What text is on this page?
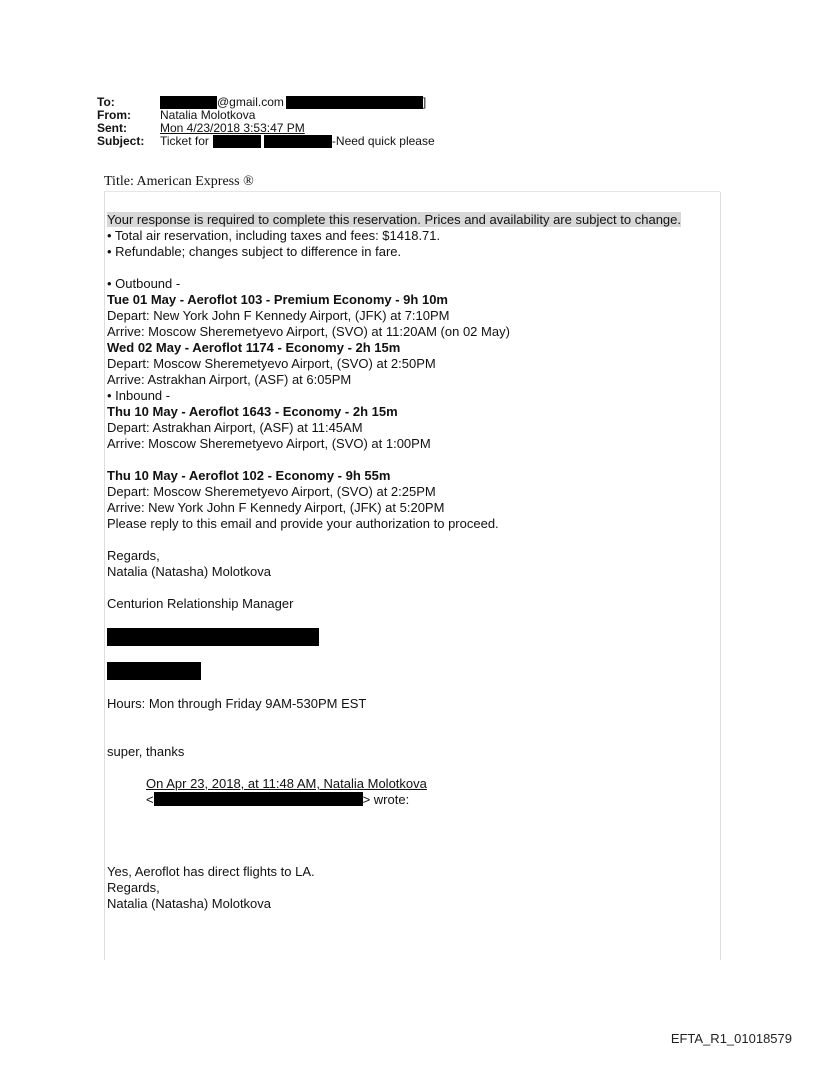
To:	@gmail.com	]
From:	Natalia Molotkova
Sent:	Mon 4/23/2018 3:53:47 PM
Subject:	Ticket for	-Need quick please
Title: American Express ®

Your response is required to complete this reservation. Prices and availability are subject to change.

• Total air reservation, including taxes and fees: $1418.71.

• Refundable; changes subject to difference in fare.

• Outbound -

Tue 01 May - Aeroflot 103 - Premium Economy - 9h 10m

Depart: New York John F Kennedy Airport, (JFK) at 7:10PM

Arrive: Moscow Sheremetyevo Airport, (SVO) at 11:20AM (on 02 May)

Wed 02 May - Aeroflot 1174 - Economy - 2h 15m

Depart: Moscow Sheremetyevo Airport, (SVO) at 2:50PM

Arrive: Astrakhan Airport, (ASF) at 6:05PM

• Inbound -

Thu 10 May - Aeroflot 1643 - Economy - 2h 15m

Depart: Astrakhan Airport, (ASF) at 11:45AM

Arrive: Moscow Sheremetyevo Airport, (SVO) at 1:00PM

Thu 10 May - Aeroflot 102 - Economy - 9h 55m

Depart: Moscow Sheremetyevo Airport, (SVO) at 2:25PM

Arrive: New York John F Kennedy Airport, (JFK) at 5:20PM

Please reply to this email and provide your authorization to proceed.

Regards,

Natalia (Natasha) Molotkova

Centurion Relationship Manager

Hours: Mon through Friday 9AM-530PM EST

super, thanks

On Apr 23, 2018, at 11:48 AM, Natalia Molotkova

<	> wrote:

Yes, Aeroflot has direct flights to LA.

Regards,

Natalia (Natasha) Molotkova

EFTA_R1_01018579
